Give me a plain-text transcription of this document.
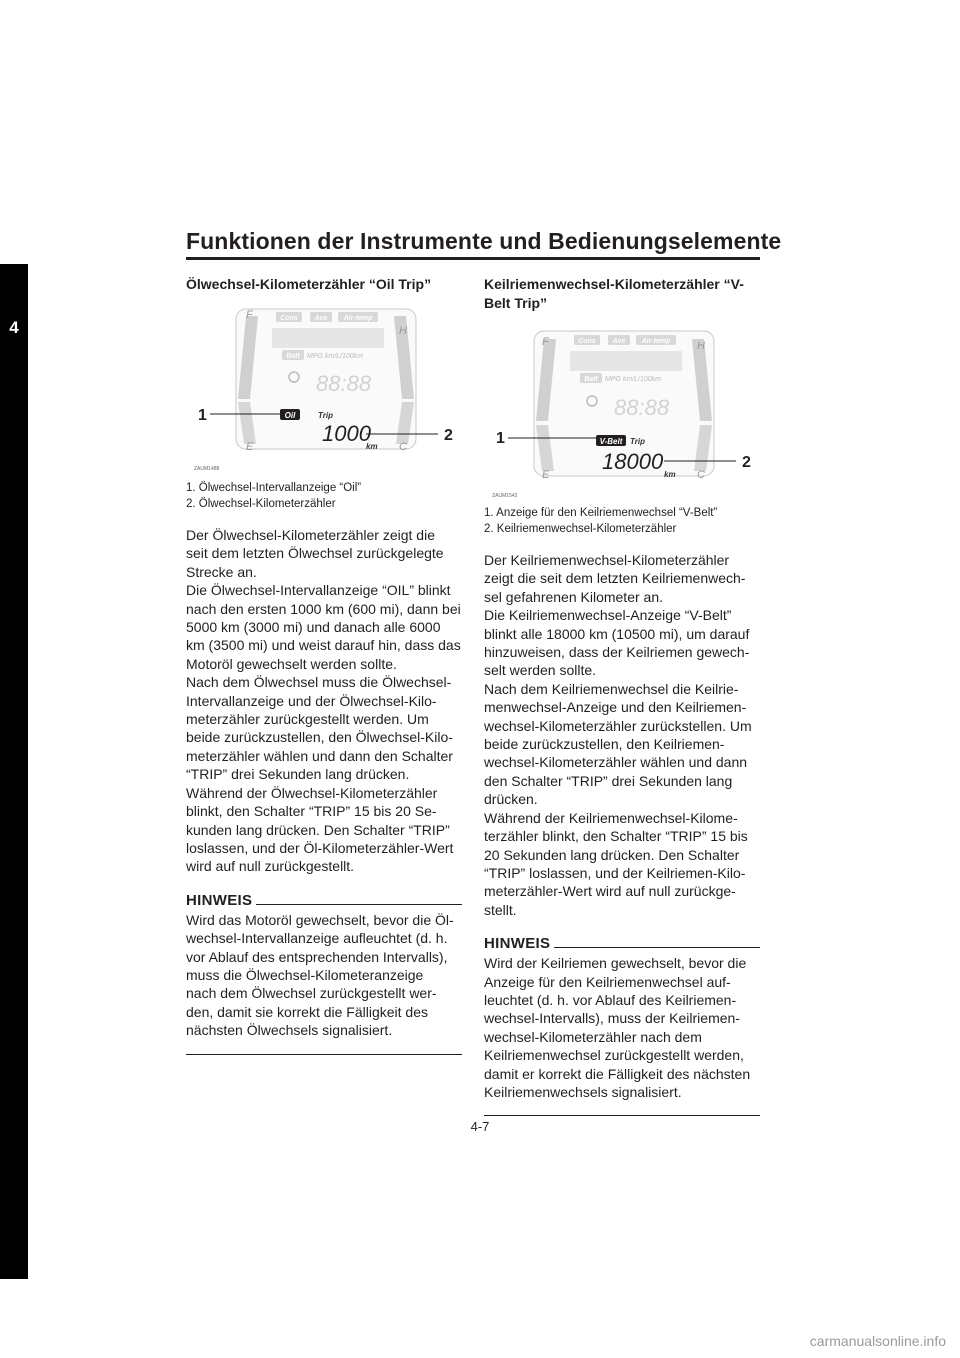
Funktionen der Instrumente und Bedienungselemente
4
Ölwechsel-Kilometerzähler “Oil Trip”
F
E
H
C
Cons Ave Air-temp
Batt MPG km/L/100km
88:88
Oil	Trip
1000
km
1
2
ZAUM1488
1. Ölwechsel-Intervallanzeige “Oil”
2. Ölwechsel-Kilometerzähler
Der Ölwechsel-Kilometerzähler zeigt die
seit dem letzten Ölwechsel zurückgelegte
Strecke an.
Die Ölwechsel-Intervallanzeige “OIL” blinkt
nach den ersten 1000 km (600 mi), dann bei
5000 km (3000 mi) und danach alle 6000
km (3500 mi) und weist darauf hin, dass das
Motoröl gewechselt werden sollte.
Nach dem Ölwechsel muss die Ölwechsel-
Intervallanzeige und der Ölwechsel-Kilo-
meterzähler zurückgestellt werden. Um
beide zurückzustellen, den Ölwechsel-Kilo-
meterzähler wählen und dann den Schalter
“TRIP” drei Sekunden lang drücken.
Während der Ölwechsel-Kilometerzähler
blinkt, den Schalter “TRIP” 15 bis 20 Se-
kunden lang drücken. Den Schalter “TRIP”
loslassen, und der Öl-Kilometerzähler-Wert
wird auf null zurückgestellt.
HINWEIS
Wird das Motoröl gewechselt, bevor die Öl-
wechsel-Intervallanzeige aufleuchtet (d. h.
vor Ablauf des entsprechenden Intervalls),
muss die Ölwechsel-Kilometeranzeige
nach dem Ölwechsel zurückgestellt wer-
den, damit sie korrekt die Fälligkeit des
nächsten Ölwechsels signalisiert.
Keilriemenwechsel-Kilometerzähler “V-
Belt Trip”
F
E
H
C
Cons Ave Air-temp
Batt MPG km/L/100km
88:88
V-Belt Trip
18000
km
1
2
ZAUM1543
1. Anzeige für den Keilriemenwechsel “V-Belt”
2. Keilriemenwechsel-Kilometerzähler
Der Keilriemenwechsel-Kilometerzähler
zeigt die seit dem letzten Keilriemenwech-
sel gefahrenen Kilometer an.
Die Keilriemenwechsel-Anzeige “V-Belt”
blinkt alle 18000 km (10500 mi), um darauf
hinzuweisen, dass der Keilriemen gewech-
selt werden sollte.
Nach dem Keilriemenwechsel die Keilrie-
menwechsel-Anzeige und den Keilriemen-
wechsel-Kilometerzähler zurückstellen. Um
beide zurückzustellen, den Keilriemen-
wechsel-Kilometerzähler wählen und dann
den Schalter “TRIP” drei Sekunden lang
drücken.
Während der Keilriemenwechsel-Kilome-
terzähler blinkt, den Schalter “TRIP” 15 bis
20 Sekunden lang drücken. Den Schalter
“TRIP” loslassen, und der Keilriemen-Kilo-
meterzähler-Wert wird auf null zurückge-
stellt.
HINWEIS
Wird der Keilriemen gewechselt, bevor die
Anzeige für den Keilriemenwechsel auf-
leuchtet (d. h. vor Ablauf des Keilriemen-
wechsel-Intervalls), muss der Keilriemen-
wechsel-Kilometerzähler nach dem
Keilriemenwechsel zurückgestellt werden,
damit er korrekt die Fälligkeit des nächsten
Keilriemenwechsels signalisiert.
4-7
carmanualsonline.info
